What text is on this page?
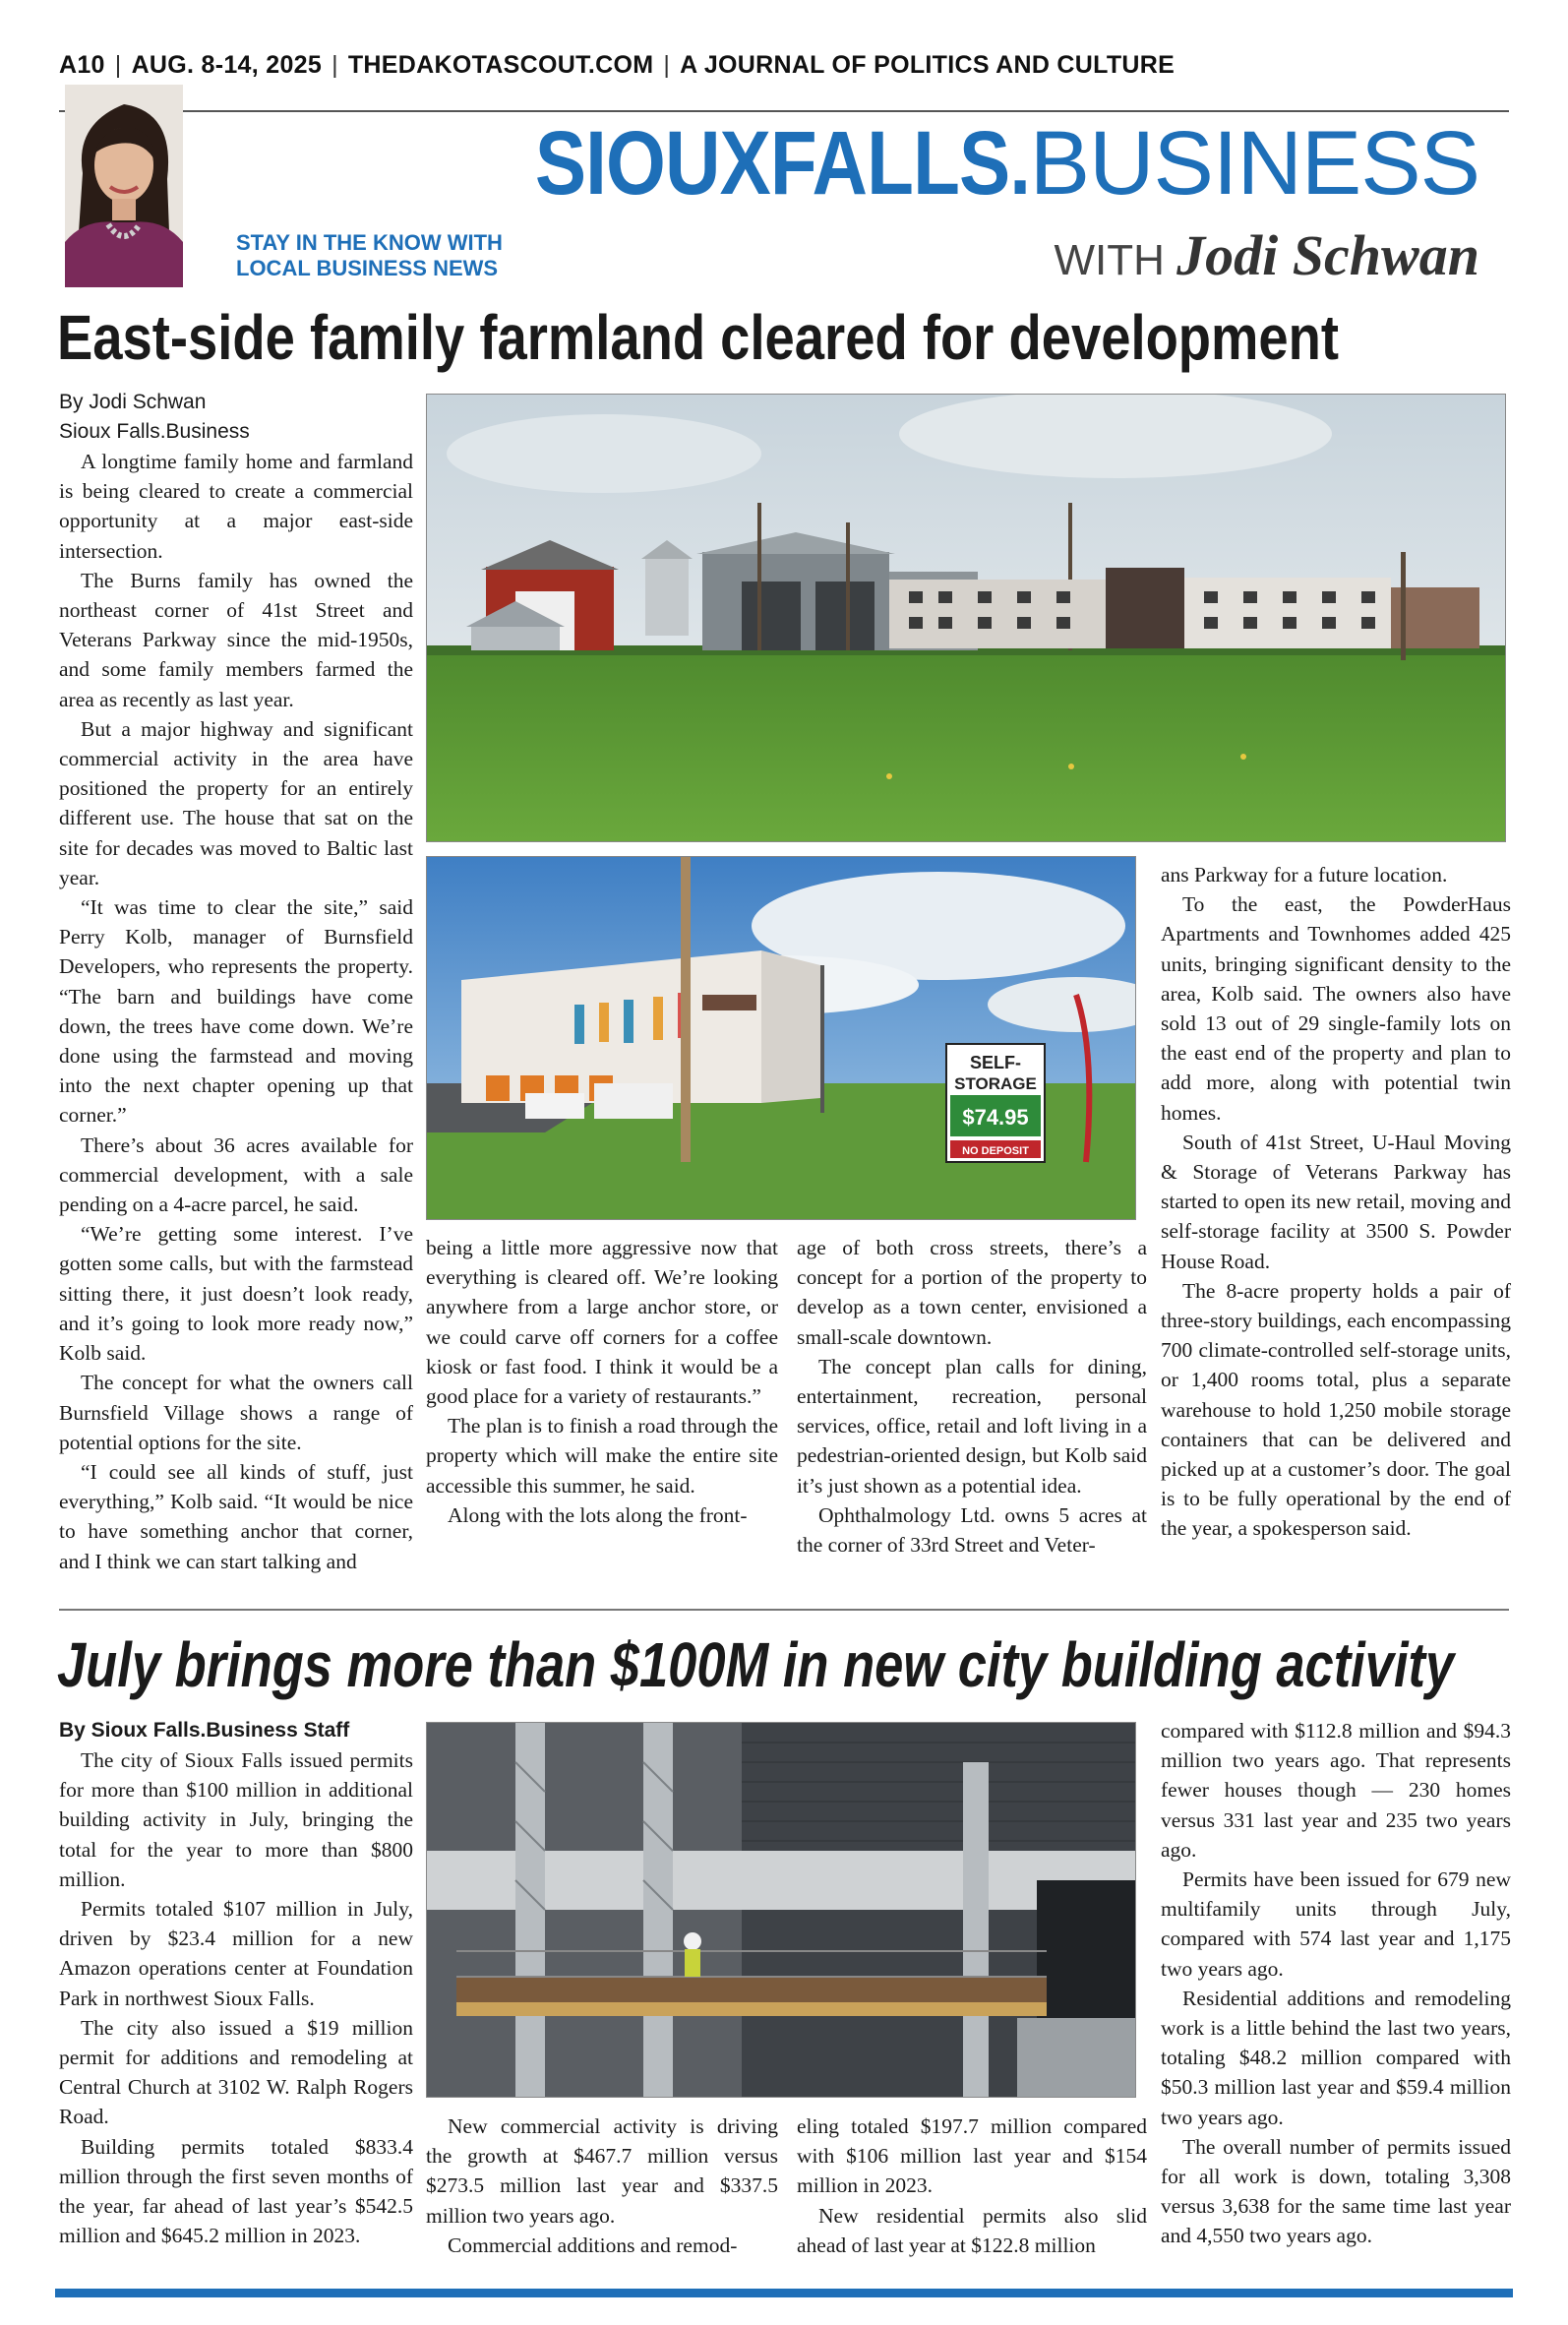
A10 | AUG. 8-14, 2025 | THEDAKOTASCOUT.COM | A JOURNAL OF POLITICS AND CULTURE
STAY IN THE KNOW WITH
LOCAL BUSINESS NEWS
SIOUXFALLS.BUSINESS
WITH Jodi Schwan
East-side family farmland cleared for development
By Jodi Schwan
Sioux Falls.Business

A longtime family home and farmland is being cleared to create a commercial opportunity at a major east-side intersection.

The Burns family has owned the northeast corner of 41st Street and Veterans Parkway since the mid-1950s, and some family members farmed the area as recently as last year.

But a major highway and significant commercial activity in the area have positioned the property for an entirely different use. The house that sat on the site for decades was moved to Baltic last year.

“It was time to clear the site,” said Perry Kolb, manager of Burnsfield Developers, who represents the property. “The barn and buildings have come down, the trees have come down. We’re done using the farmstead and moving into the next chapter opening up that corner.”

There’s about 36 acres available for commercial development, with a sale pending on a 4-acre parcel, he said.

“We’re getting some interest. I’ve gotten some calls, but with the farmstead sitting there, it just doesn’t look ready, and it’s going to look more ready now,” Kolb said.

The concept for what the owners call Burnsfield Village shows a range of potential options for the site.

“I could see all kinds of stuff, just everything,” Kolb said. “It would be nice to have something anchor that corner, and I think we can start talking and

SELF-
STORAGE
$74.95
NO DEPOSIT

being a little more aggressive now that everything is cleared off. We’re looking anywhere from a large anchor store, or we could carve off corners for a coffee kiosk or fast food. I think it would be a good place for a variety of restaurants.”

The plan is to finish a road through the property which will make the entire site accessible this summer, he said.

Along with the lots along the front-

age of both cross streets, there’s a concept for a portion of the property to develop as a town center, envisioned a small-scale downtown.

The concept plan calls for dining, entertainment, recreation, personal services, office, retail and loft living in a pedestrian-oriented design, but Kolb said it’s just shown as a potential idea.

Ophthalmology Ltd. owns 5 acres at the corner of 33rd Street and Veter-

ans Parkway for a future location.

To the east, the PowderHaus Apartments and Townhomes added 425 units, bringing significant density to the area, Kolb said. The owners also have sold 13 out of 29 single-family lots on the east end of the property and plan to add more, along with potential twin homes.

South of 41st Street, U-Haul Moving & Storage of Veterans Parkway has started to open its new retail, moving and self-storage facility at 3500 S. Powder House Road.

The 8-acre property holds a pair of three-story buildings, each encompassing 700 climate-controlled self-storage units, or 1,400 rooms total, plus a separate warehouse to hold 1,250 mobile storage containers that can be delivered and picked up at a customer’s door. The goal is to be fully operational by the end of the year, a spokesperson said.

July brings more than $100M in new city building activity
By Sioux Falls.Business Staff

The city of Sioux Falls issued permits for more than $100 million in additional building activity in July, bringing the total for the year to more than $800 million.

Permits totaled $107 million in July, driven by $23.4 million for a new Amazon operations center at Foundation Park in northwest Sioux Falls.

The city also issued a $19 million permit for additions and remodeling at Central Church at 3102 W. Ralph Rogers Road.

Building permits totaled $833.4 million through the first seven months of the year, far ahead of last year’s $542.5 million and $645.2 million in 2023.

New commercial activity is driving the growth at $467.7 million versus $273.5 million last year and $337.5 million two years ago.

Commercial additions and remod-

eling totaled $197.7 million compared with $106 million last year and $154 million in 2023.

New residential permits also slid ahead of last year at $122.8 million

compared with $112.8 million and $94.3 million two years ago. That represents fewer houses though — 230 homes versus 331 last year and 235 two years ago.

Permits have been issued for 679 new multifamily units through July, compared with 574 last year and 1,175 two years ago.

Residential additions and remodeling work is a little behind the last two years, totaling $48.2 million compared with $50.3 million last year and $59.4 million two years ago.

The overall number of permits issued for all work is down, totaling 3,308 versus 3,638 for the same time last year and 4,550 two years ago.
